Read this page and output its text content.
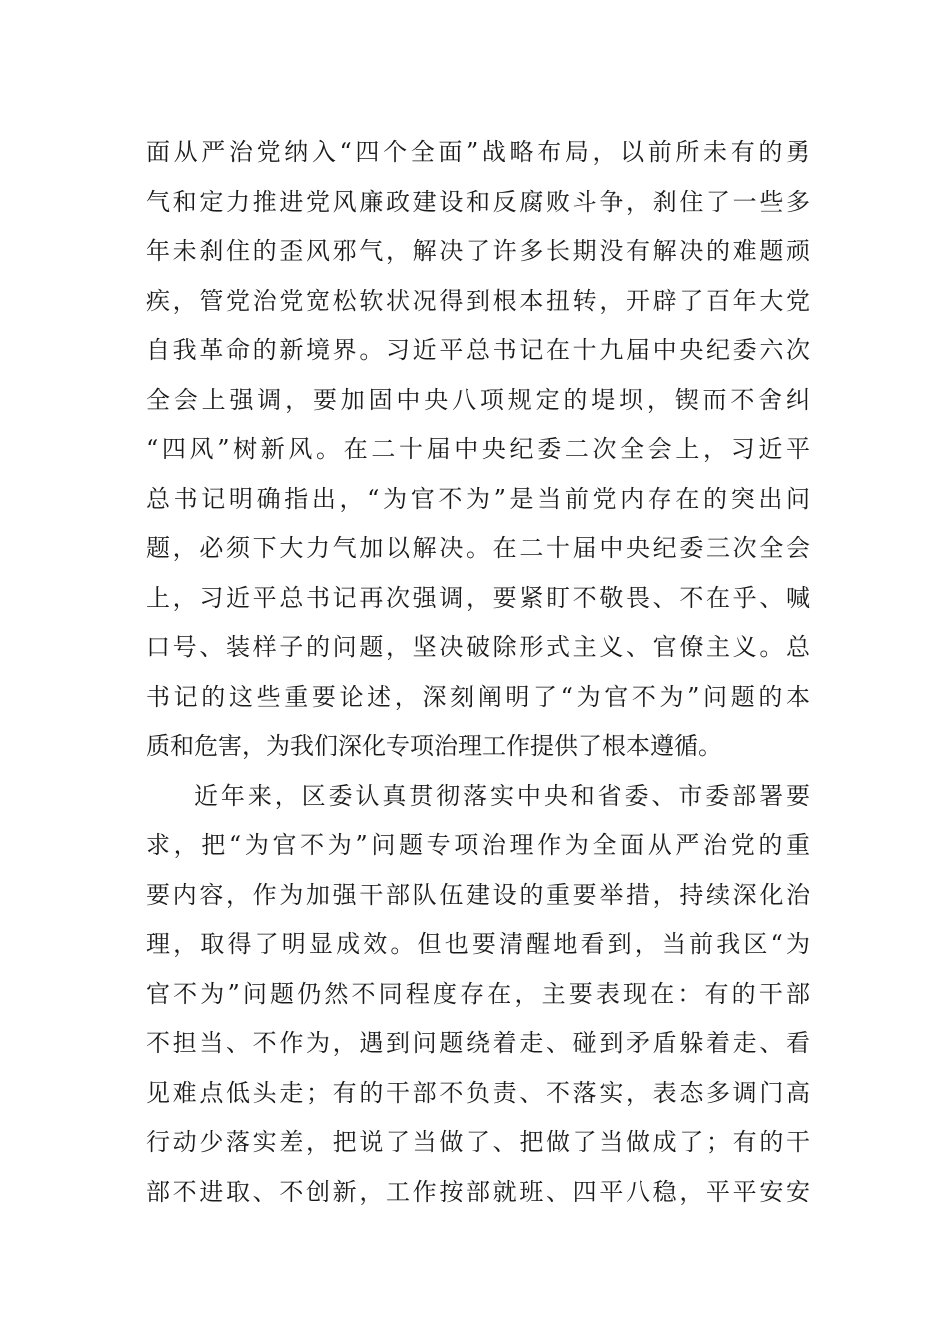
面从严治党纳入“四个全面”战略布局，以前所未有的勇
气和定力推进党风廉政建设和反腐败斗争，刹住了一些多
年未刹住的歪风邪气，解决了许多长期没有解决的难题顽
疾，管党治党宽松软状况得到根本扭转，开辟了百年大党
自我革命的新境界。习近平总书记在十九届中央纪委六次
全会上强调，要加固中央八项规定的堤坝，锲而不舍纠
“四风”树新风。在二十届中央纪委二次全会上，习近平
总书记明确指出，“为官不为”是当前党内存在的突出问
题，必须下大力气加以解决。在二十届中央纪委三次全会
上，习近平总书记再次强调，要紧盯不敬畏、不在乎、喊
口号、装样子的问题，坚决破除形式主义、官僚主义。总
书记的这些重要论述，深刻阐明了“为官不为”问题的本
质和危害，为我们深化专项治理工作提供了根本遵循。
近年来，区委认真贯彻落实中央和省委、市委部署要
求，把“为官不为”问题专项治理作为全面从严治党的重
要内容，作为加强干部队伍建设的重要举措，持续深化治
理，取得了明显成效。但也要清醒地看到，当前我区“为
官不为”问题仍然不同程度存在，主要表现在：有的干部
不担当、不作为，遇到问题绕着走、碰到矛盾躲着走、看
见难点低头走；有的干部不负责、不落实，表态多调门高
行动少落实差，把说了当做了、把做了当做成了；有的干
部不进取、不创新，工作按部就班、四平八稳，平平安安
